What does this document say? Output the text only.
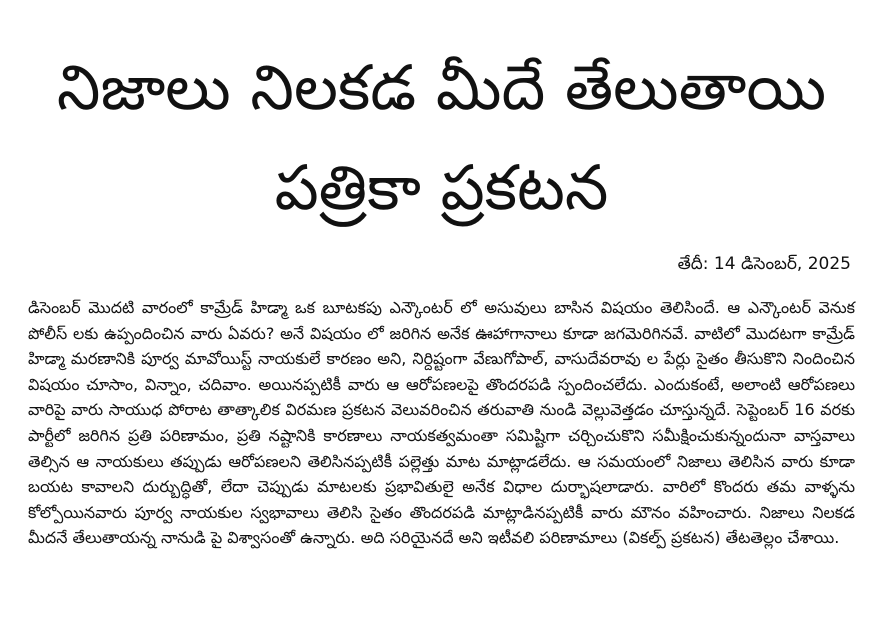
నిజాలు నిలకడ మీదే తేలుతాయి
పత్రికా ప్రకటన
తేదీ: 14 డిసెంబర్, 2025

డిసెంబర్ మొదటి వారంలో కామ్రేడ్ హిడ్మా ఒక బూటకపు ఎన్కౌంటర్ లో అసువులు బాసిన విషయం తెలిసిందే. ఆ ఎన్కౌంటర్ వెనుక పోలీస్ లకు ఉప్పందించిన వారు ఏవరు? అనే విషయం లో జరిగిన అనేక ఊహాగానాలు కూడా జగమెరిగినవే. వాటిలో మొదటగా కామ్రేడ్ హిడ్మా మరణానికి పూర్వ మావోయిస్ట్ నాయకులే కారణం అని, నిర్దిష్టంగా వేణుగోపాల్, వాసుదేవరావు ల పేర్లు సైతం తీసుకొని నిందించిన విషయం చూసాం, విన్నాం, చదివాం. అయినప్పటికీ వారు ఆ ఆరోపణలపై తొందరపడి స్పందించలేదు. ఎందుకంటే, అలాంటి ఆరోపణలు వారిపై వారు సాయుధ పోరాట తాత్కాలిక విరమణ ప్రకటన వెలువరించిన తరువాతి నుండి వెల్లువెత్తడం చూస్తున్నదే. సెప్టెంబర్ 16 వరకు పార్టీలో జరిగిన ప్రతి పరిణామం, ప్రతి నష్టానికి కారణాలు నాయకత్వమంతా సమిష్టిగా చర్చించుకొని సమీక్షించుకున్నందునా వాస్తవాలు తెల్సిన ఆ నాయకులు తప్పుడు ఆరోపణలని తెలిసినప్పటికీ పల్లెత్తు మాట మాట్లాడలేదు. ఆ సమయంలో నిజాలు తెలిసిన వారు కూడా బయట కావాలని దుర్బుద్ధితో, లేదా చెప్పుడు మాటలకు ప్రభావితులై అనేక విధాల దుర్భాషలాడారు. వారిలో కొందరు తమ వాళ్ళను కోల్పోయినవారు పూర్వ నాయకుల స్వభావాలు తెలిసి సైతం తొందరపడి మాట్లాడినప్పటికీ వారు మౌనం వహించారు. నిజాలు నిలకడ మీదనే తేలుతాయన్న నానుడి పై విశ్వాసంతో ఉన్నారు. అది సరియైనదే అని ఇటీవలి పరిణామాలు (వికల్ప్ ప్రకటన) తేటతెల్లం చేశాయి.
